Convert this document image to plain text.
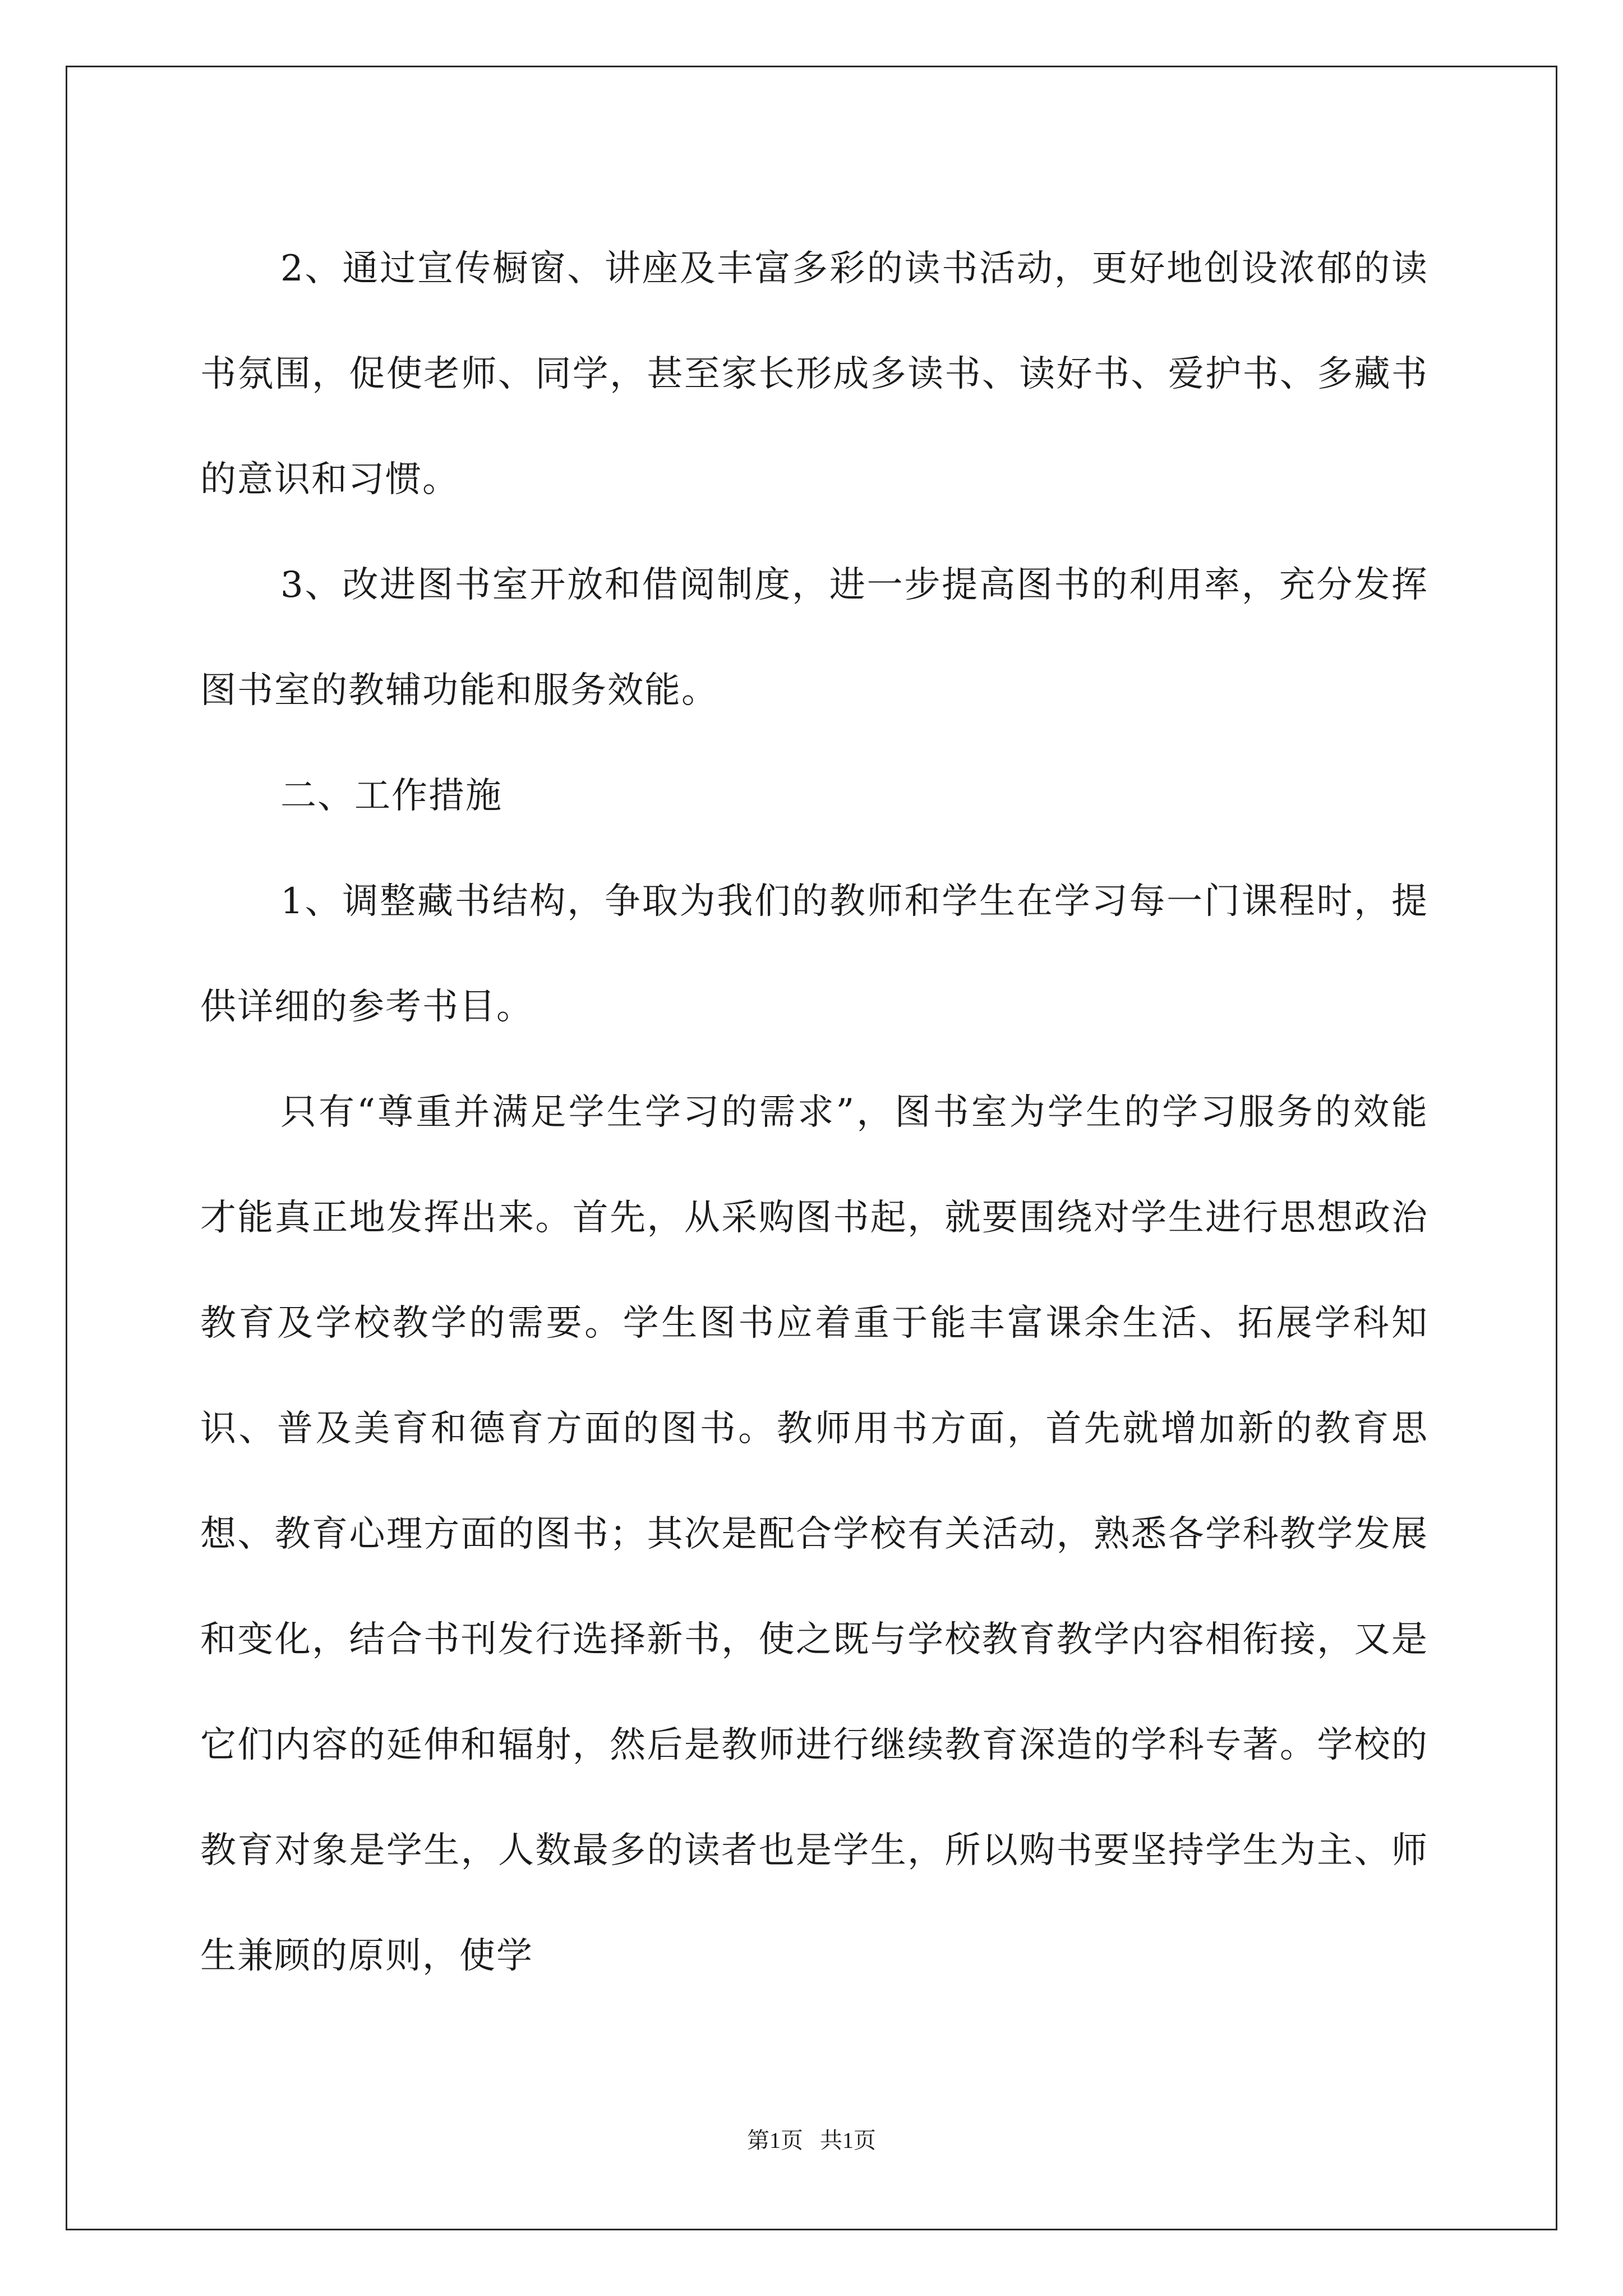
2、通过宣传橱窗、讲座及丰富多彩的读书活动，更好地创设浓郁的读书氛围，促使老师、同学，甚至家长形成多读书、读好书、爱护书、多藏书的意识和习惯。

3、改进图书室开放和借阅制度，进一步提高图书的利用率，充分发挥图书室的教辅功能和服务效能。

二、工作措施

1、调整藏书结构，争取为我们的教师和学生在学习每一门课程时，提供详细的参考书目。

只有“尊重并满足学生学习的需求”，图书室为学生的学习服务的效能才能真正地发挥出来。首先，从采购图书起，就要围绕对学生进行思想政治教育及学校教学的需要。学生图书应着重于能丰富课余生活、拓展学科知识、普及美育和德育方面的图书。教师用书方面，首先就增加新的教育思想、教育心理方面的图书；其次是配合学校有关活动，熟悉各学科教学发展和变化，结合书刊发行选择新书，使之既与学校教育教学内容相衔接，又是它们内容的延伸和辐射，然后是教师进行继续教育深造的学科专著。学校的教育对象是学生，人数最多的读者也是学生，所以购书要坚持学生为主、师生兼顾的原则，使学

第1页   共1页
